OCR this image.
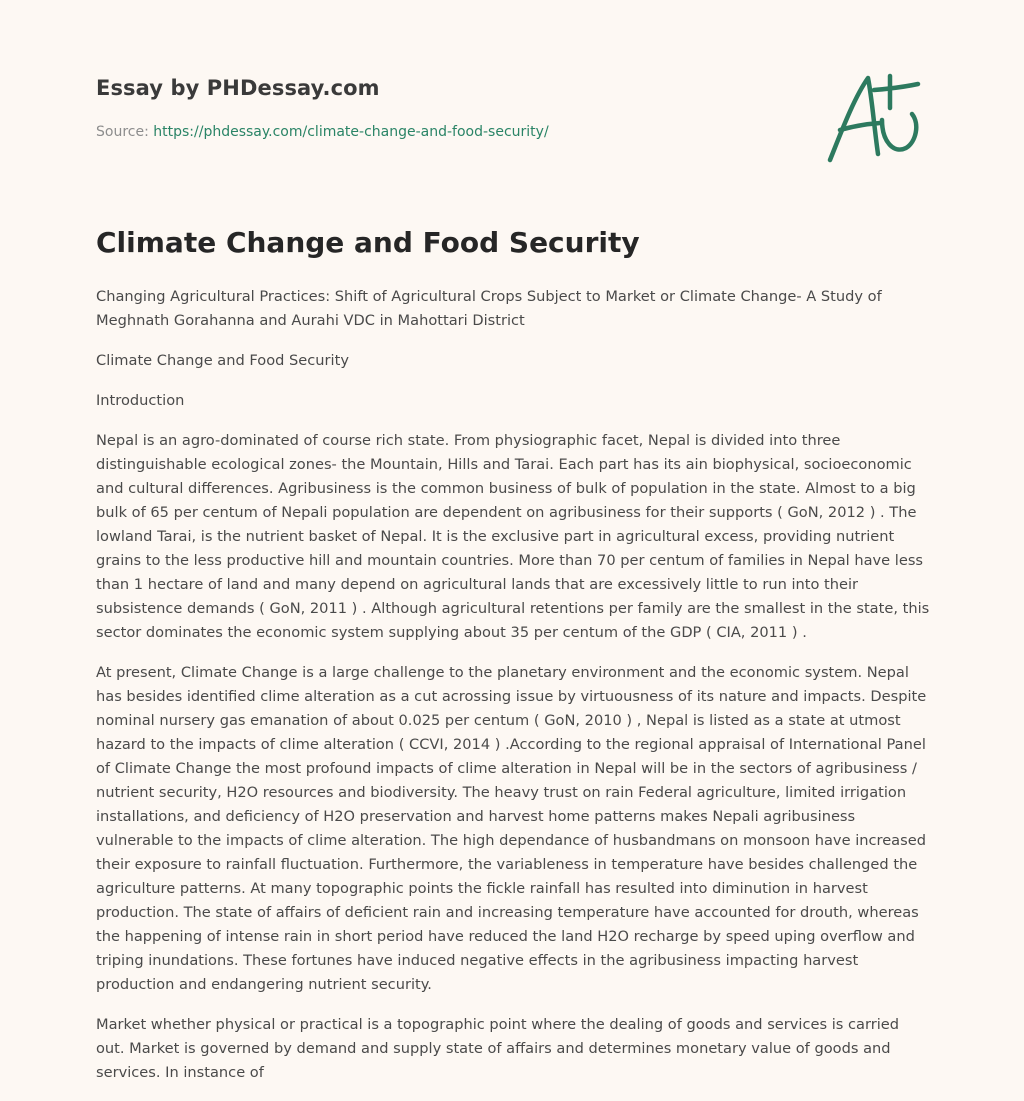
Essay by PHDessay.com
Source: https://phdessay.com/climate-change-and-food-security/
Climate Change and Food Security

Changing Agricultural Practices: Shift of Agricultural Crops Subject to Market or Climate Change- A Study of Meghnath Gorahanna and Aurahi VDC in Mahottari District

Climate Change and Food Security

Introduction

Nepal is an agro-dominated of course rich state. From physiographic facet, Nepal is divided into three distinguishable ecological zones- the Mountain, Hills and Tarai. Each part has its ain biophysical, socioeconomic and cultural differences. Agribusiness is the common business of bulk of population in the state. Almost to a big bulk of 65 per centum of Nepali population are dependent on agribusiness for their supports ( GoN, 2012 ) . The lowland Tarai, is the nutrient basket of Nepal. It is the exclusive part in agricultural excess, providing nutrient grains to the less productive hill and mountain countries. More than 70 per centum of families in Nepal have less than 1 hectare of land and many depend on agricultural lands that are excessively little to run into their subsistence demands ( GoN, 2011 ) . Although agricultural retentions per family are the smallest in the state, this sector dominates the economic system supplying about 35 per centum of the GDP ( CIA, 2011 ) .

At present, Climate Change is a large challenge to the planetary environment and the economic system. Nepal has besides identified clime alteration as a cut acrossing issue by virtuousness of its nature and impacts. Despite nominal nursery gas emanation of about 0.025 per centum ( GoN, 2010 ) , Nepal is listed as a state at utmost hazard to the impacts of clime alteration ( CCVI, 2014 ) .According to the regional appraisal of International Panel of Climate Change the most profound impacts of clime alteration in Nepal will be in the sectors of agribusiness / nutrient security, H2O resources and biodiversity. The heavy trust on rain Federal agriculture, limited irrigation installations, and deficiency of H2O preservation and harvest home patterns makes Nepali agribusiness vulnerable to the impacts of clime alteration. The high dependance of husbandmans on monsoon have increased their exposure to rainfall fluctuation. Furthermore, the variableness in temperature have besides challenged the agriculture patterns. At many topographic points the fickle rainfall has resulted into diminution in harvest production. The state of affairs of deficient rain and increasing temperature have accounted for drouth, whereas the happening of intense rain in short period have reduced the land H2O recharge by speed uping overflow and triping inundations. These fortunes have induced negative effects in the agribusiness impacting harvest production and endangering nutrient security.

Market whether physical or practical is a topographic point where the dealing of goods and services is carried out. Market is governed by demand and supply state of affairs and determines monetary value of goods and services. In instance of
